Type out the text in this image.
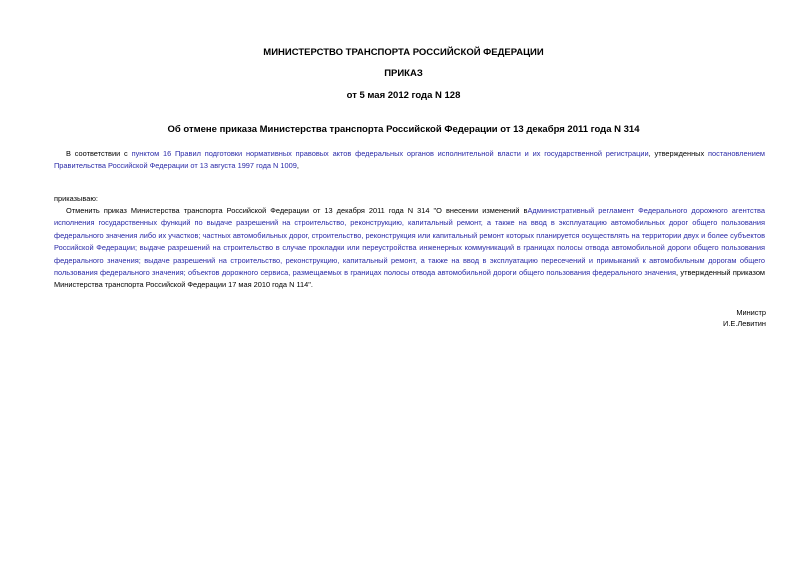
МИНИСТЕРСТВО ТРАНСПОРТА РОССИЙСКОЙ ФЕДЕРАЦИИ
ПРИКАЗ
от 5 мая 2012 года N 128
Об отмене приказа Министерства транспорта Российской Федерации от 13 декабря 2011 года N 314
В соответствии с пунктом 16 Правил подготовки нормативных правовых актов федеральных органов исполнительной власти и их государственной регистрации, утвержденных постановлением Правительства Российской Федерации от 13 августа 1997 года N 1009,
приказываю:
Отменить приказ Министерства транспорта Российской Федерации от 13 декабря 2011 года N 314 "О внесении изменений вАдминистративный регламент Федерального дорожного агентства исполнения государственных функций по выдаче разрешений на строительство, реконструкцию, капитальный ремонт, а также на ввод в эксплуатацию автомобильных дорог общего пользования федерального значения либо их участков; частных автомобильных дорог, строительство, реконструкция или капитальный ремонт которых планируется осуществлять на территории двух и более субъектов Российской Федерации; выдаче разрешений на строительство в случае прокладки или переустройства инженерных коммуникаций в границах полосы отвода автомобильной дороги общего пользования федерального значения; выдаче разрешений на строительство, реконструкцию, капитальный ремонт, а также на ввод в эксплуатацию пересечений и примыканий к автомобильным дорогам общего пользования федерального значения; объектов дорожного сервиса, размещаемых в границах полосы отвода автомобильной дороги общего пользования федерального значения, утвержденный приказом Министерства транспорта Российской Федерации 17 мая 2010 года N 114".
Министр
И.Е.Левитин
